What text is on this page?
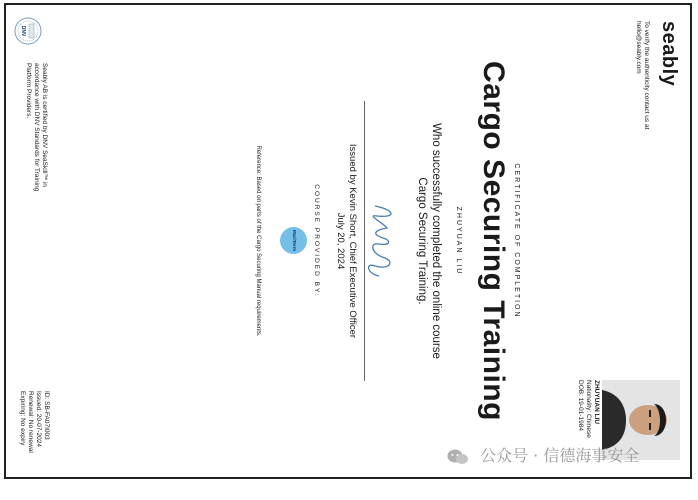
seably
To verify the authenticity contact us at hello@seably.com
ZHUYUAN LIU
Nationality: Chinese
DOB: 19-01-1984
CERTIFICATE OF COMPLETION
Cargo Securing Training
ZHUYUAN LIU
Who successfully completed the online course Cargo Securing Training.
Issued by Kevin Short, Chief Executive Officer
July 20, 2024
COURSE PROVIDED BY:
MariTerm
Reference: Based on parts of the Cargo Securing Manual requirements.
DNV
Seably AB is certified by DNV SeaSkill™ in accordance with DNV Standards for Training Platform Providers.
ID: SB-FA07I003
Issued: 20-07-2024
Renewal: No renewal
Expiring: No expiry
公众号 · 信德海事安全
